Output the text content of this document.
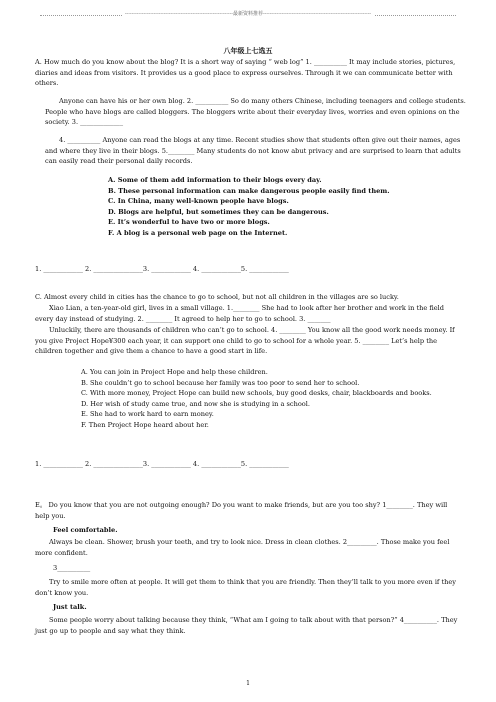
----------------------------------------------------------------最新资料推荐----------------------------------------------------------------
八年级上七选五

A. How much do you know about the blog? It is a short way of saying “ web log” 1. __________ It may include stories, pictures, diaries and ideas from visitors. It provides us a good place to express ourselves. Through it we can communicate better with others.

Anyone can have his or her own blog. 2. __________ So do many others Chinese, including teenagers and college students. People who have blogs are called bloggers. The bloggers write about their everyday lives, worries and even opinions on the society. 3. _____________

4. __________ Anyone can read the blogs at any time. Recent studies show that students often give out their names, ages and where they live in their blogs. 5.________ Many students do not know abut privacy and are surprised to learn that adults can easily read their personal daily records.

A. Some of them add information to their blogs every day.

B. These personal information can make dangerous people easily find them.

C. In China, many well-known people have blogs.

D. Blogs are helpful, but sometimes they can be dangerous.

E. It’s wonderful to have two or more blogs.

F. A blog is a personal web page on the Internet.

1. ____________ 2. _______________3. ____________ 4. ____________5. ____________

C. Almost every child in cities has the chance to go to school, but not all children in the villages are so lucky.

Xiao Lian, a ten-year-old girl, lives in a small village. 1.________ She had to look after her brother and work in the field every day instead of studying. 2. ________ It agreed to help her to go to school. 3. _______

Unluckily, there are thousands of children who can’t go to school. 4. ________ You know all the good work needs money. If you give Project Hope¥300 each year, it can support one child to go to school for a whole year. 5. ________ Let’s help the children together and give them a chance to have a good start in life.

A. You can join in Project Hope and help these children.

B. She couldn’t go to school because her family was too poor to send her to school.

C. With more money, Project Hope can build new schools, buy good desks, chair, blackboards and books.

D. Her wish of study came true, and now she is studying in a school.

E. She had to work hard to earn money.

F. Then Project Hope heard about her.

1. ____________ 2. _______________3. ____________ 4. ____________5. ____________

E。 Do you know that you are not outgoing enough? Do you want to make friends, but are you too shy? 1________. They will help you.

Feel comfortable.

Always be clean. Shower, brush your teeth, and try to look nice. Dress in clean clothes. 2_________. Those make you feel more confident.

3__________

Try to smile more often at people. It will get them to think that you are friendly. Then they’ll talk to you more even if they don’t know you.

Just talk.

Some people worry about talking because they think, “What am I going to talk about with that person?” 4__________. They just go up to people and say what they think.

1
